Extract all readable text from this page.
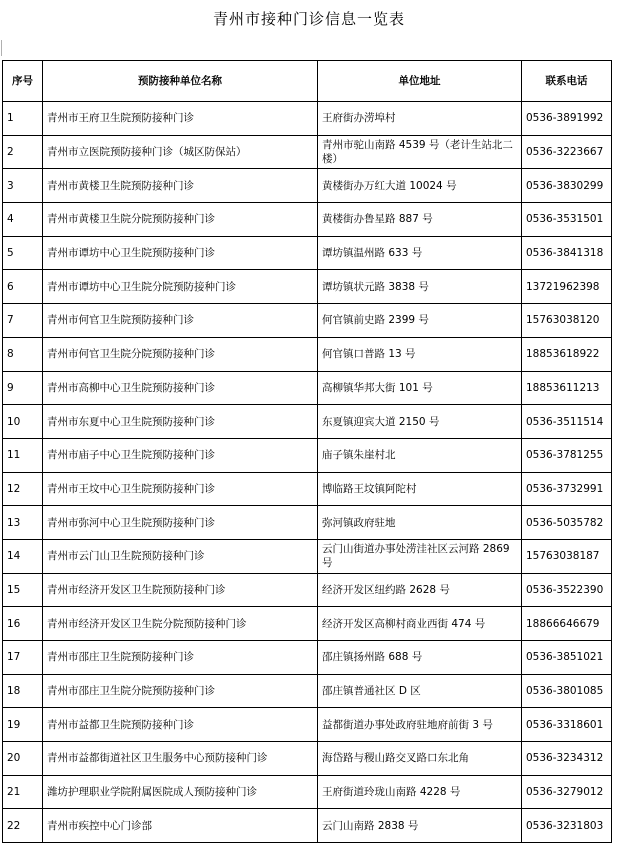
青州市接种门诊信息一览表
序号	预防接种单位名称	单位地址	联系电话
1	青州市王府卫生院预防接种门诊	王府街办涝埠村	0536-3891992
2	青州市立医院预防接种门诊（城区防保站）	青州市驼山南路 4539 号（老计生站北二楼）	0536-3223667
3	青州市黄楼卫生院预防接种门诊	黄楼街办万红大道 10024 号	0536-3830299
4	青州市黄楼卫生院分院预防接种门诊	黄楼街办鲁星路 887 号	0536-3531501
5	青州市谭坊中心卫生院预防接种门诊	谭坊镇温州路 633 号	0536-3841318
6	青州市谭坊中心卫生院分院预防接种门诊	谭坊镇状元路 3838 号	13721962398
7	青州市何官卫生院预防接种门诊	何官镇前史路 2399 号	15763038120
8	青州市何官卫生院分院预防接种门诊	何官镇口普路 13 号	18853618922
9	青州市高柳中心卫生院预防接种门诊	高柳镇华邦大街 101 号	18853611213
10	青州市东夏中心卫生院预防接种门诊	东夏镇迎宾大道 2150 号	0536-3511514
11	青州市庙子中心卫生院预防接种门诊	庙子镇朱崖村北	0536-3781255
12	青州市王坟中心卫生院预防接种门诊	博临路王坟镇阿陀村	0536-3732991
13	青州市弥河中心卫生院预防接种门诊	弥河镇政府驻地	0536-5035782
14	青州市云门山卫生院预防接种门诊	云门山街道办事处涝洼社区云河路 2869 号	15763038187
15	青州市经济开发区卫生院预防接种门诊	经济开发区纽约路 2628 号	0536-3522390
16	青州市经济开发区卫生院分院预防接种门诊	经济开发区高柳村商业西街 474 号	18866646679
17	青州市邵庄卫生院预防接种门诊	邵庄镇扬州路 688 号	0536-3851021
18	青州市邵庄卫生院分院预防接种门诊	邵庄镇普通社区 D 区	0536-3801085
19	青州市益都卫生院预防接种门诊	益都街道办事处政府驻地府前街 3 号	0536-3318601
20	青州市益都街道社区卫生服务中心预防接种门诊	海岱路与稷山路交叉路口东北角	0536-3234312
21	潍坊护理职业学院附属医院成人预防接种门诊	王府街道玲珑山南路 4228 号	0536-3279012
22	青州市疾控中心门诊部	云门山南路 2838 号	0536-3231803
